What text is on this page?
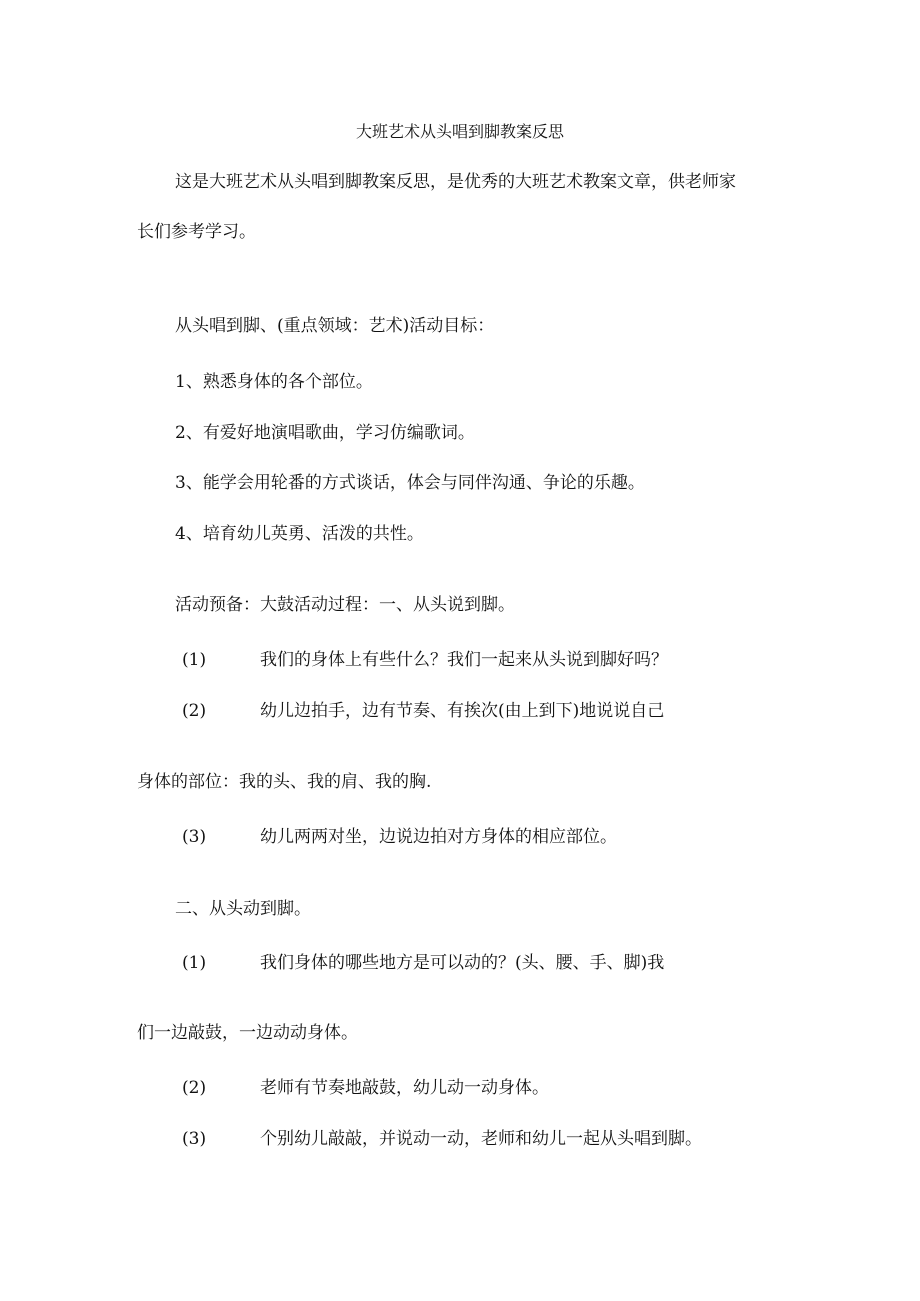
大班艺术从头唱到脚教案反思
这是大班艺术从头唱到脚教案反思，是优秀的大班艺术教案文章，供老师家
长们参考学习。
从头唱到脚、(重点领域：艺术)活动目标：
1、熟悉身体的各个部位。
2、有爱好地演唱歌曲，学习仿编歌词。
3、能学会用轮番的方式谈话，体会与同伴沟通、争论的乐趣。
4、培育幼儿英勇、活泼的共性。
活动预备：大鼓活动过程：一、从头说到脚。
(1)	我们的身体上有些什么？我们一起来从头说到脚好吗？
(2)	幼儿边拍手，边有节奏、有挨次(由上到下)地说说自己
身体的部位：我的头、我的肩、我的胸.
(3)	幼儿两两对坐，边说边拍对方身体的相应部位。
二、从头动到脚。
(1)	我们身体的哪些地方是可以动的？(头、腰、手、脚)我
们一边敲鼓，一边动动身体。
(2)	老师有节奏地敲鼓，幼儿动一动身体。
(3)	个别幼儿敲敲，并说动一动，老师和幼儿一起从头唱到脚。
